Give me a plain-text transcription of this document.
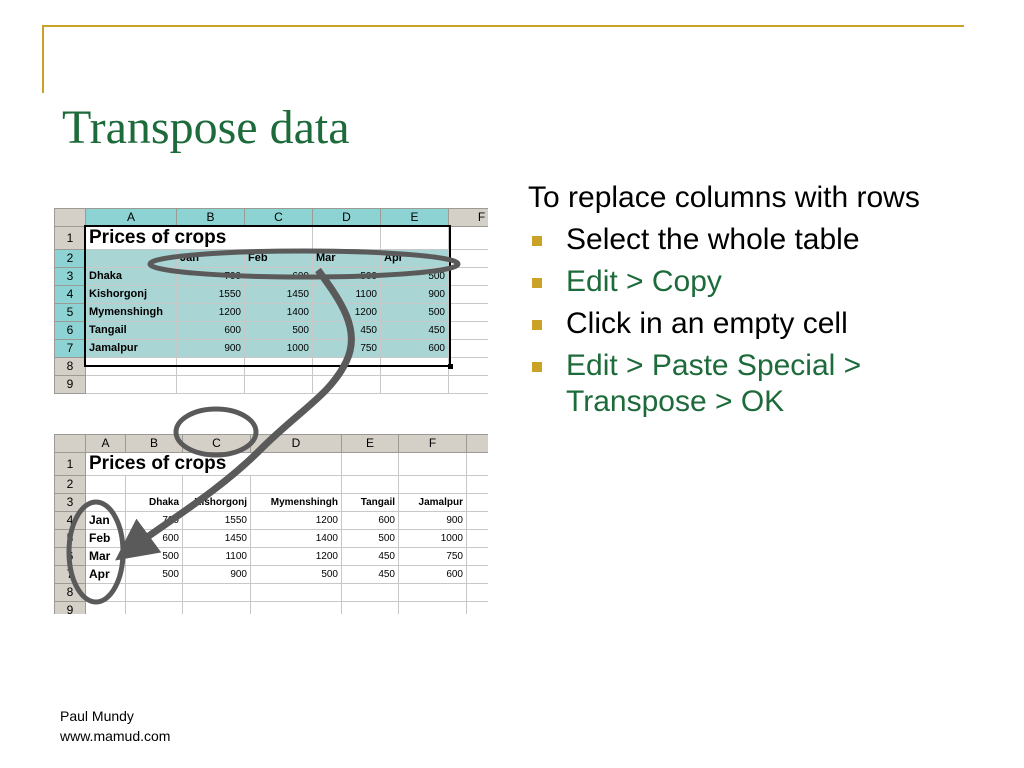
Transpose data
To replace columns with rows
Select the whole table
Edit > Copy
Click in an empty cell
Edit > Paste Special > Transpose > OK
	A	B	C	D	E	F
1	Prices of crops					
2		Jan	Feb	Mar	Apr	
3	Dhaka	700	600	500	500	
4	Kishorgonj	1550	1450	1100	900	
5	Mymenshingh	1200	1400	1200	500	
6	Tangail	600	500	450	450	
7	Jamalpur	900	1000	750	600	
8						
9						
	A	B	C	D	E	F	
1	Prices of crops						
2							
3		Dhaka	Kishorgonj	Mymenshingh	Tangail	Jamalpur	
4	Jan	700	1550	1200	600	900	
5	Feb	600	1450	1400	500	1000	
6	Mar	500	1100	1200	450	750	
7	Apr	500	900	500	450	600	
8							
9							
Paul Mundy
www.mamud.com
